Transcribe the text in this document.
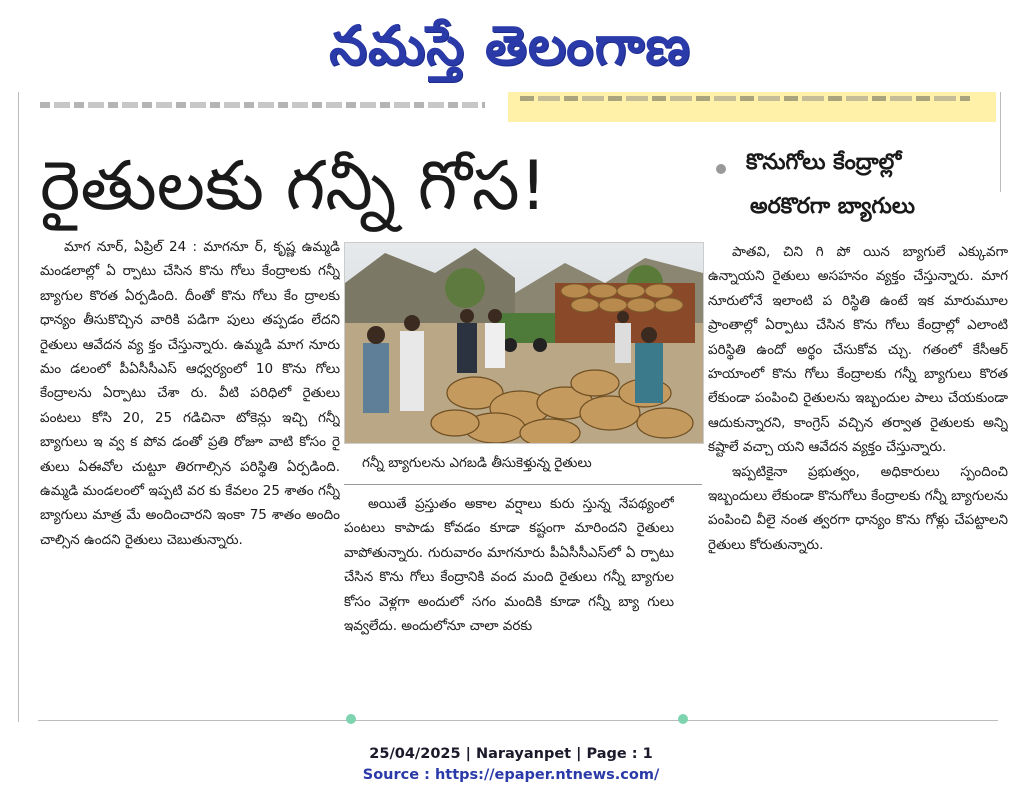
నమస్తే తెలంగాణ
రైతులకు గన్నీ గోస!	కొనుగోలు కేంద్రాల్లో
అరకొరగా బ్యాగులు

మాగ నూర్‌, ఏప్రిల్‌ 24 : మాగనూ ర్‌, కృష్ణ ఉమ్మడి మండలాల్లో ఏ ర్పాటు చేసిన కొను గోలు కేంద్రాలకు గన్నీ బ్యాగుల కొరత ఏర్పడింది. దీంతో కొను గోలు కేం ద్రాలకు ధాన్యం తీసుకొచ్చిన వారికి పడిగా పులు తప్పడం లేదని రైతులు ఆవేదన వ్య క్తం చేస్తున్నారు. ఉమ్మడి మాగ నూరు మం డలంలో పీఏసీసీఎస్‌ ఆధ్వర్యంలో 10 కొను గోలు కేంద్రాలను ఏర్పాటు చేశా రు. వీటి పరిధిలో రైతులు పంటలు కోసి 20, 25 గడిచినా టోకెన్లు ఇచ్చి గన్నీ బ్యాగులు ఇ వ్వ క పోవ డంతో ప్రతి రోజూ వాటి కోసం రై తులు ఏఈవోల చుట్టూ తిరగాల్సిన పరిస్థితి ఏర్పడింది. ఉమ్మడి మండలంలో ఇప్పటి వర కు కేవలం 25 శాతం గన్నీ బ్యాగులు మాత్ర మే అందించారని ఇంకా 75 శాతం అందిం చాల్సిన ఉందని రైతులు చెబుతున్నారు.

గన్నీ బ్యాగులను ఎగబడి తీసుకెళ్తున్న రైతులు

అయితే ప్రస్తుతం అకాల వర్షాలు కురు స్తున్న నేపథ్యంలో పంటలు కాపాడు కోవడం కూడా కష్టంగా మారిందని రైతులు వాపోతున్నారు. గురువారం మాగనూరు పీఏసీసీఎస్‌లో ఏ ర్పాటు చేసిన కొను గోలు కేంద్రానికి వంద మంది రైతులు గన్నీ బ్యాగుల కోసం వెళ్లగా అందులో సగం మందికి కూడా గన్నీ బ్యా గులు ఇవ్వలేదు. అందులోనూ చాలా వరకు

పాతవి, చిని గి పో యిన బ్యాగులే ఎక్కువగా ఉన్నాయని రైతులు అసహనం వ్యక్తం చేస్తున్నారు. మాగ నూరులోనే ఇలాంటి ప రిస్థితి ఉంటే ఇక మారుమూల ప్రాంతాల్లో ఏర్పాటు చేసిన కొను గోలు కేంద్రాల్లో ఎలాంటి పరిస్థితి ఉందో అర్థం చేసుకోవ చ్చు. గతంలో కేసీఆర్‌ హయాంలో కొను గోలు కేంద్రాలకు గన్నీ బ్యాగులు కొరత లేకుండా పంపించి రైతులను ఇబ్బందుల పాలు చేయకుండా ఆదుకున్నారని, కాంగ్రెస్‌ వచ్చిన తర్వాత రైతులకు అన్ని కష్టాలే వచ్చా యని ఆవేదన వ్యక్తం చేస్తున్నారు.

ఇప్పటికైనా ప్రభుత్వం, అధికారులు స్పందించి ఇబ్బందులు లేకుండా కొనుగోలు కేంద్రాలకు గన్నీ బ్యాగులను పంపించి వీలై నంత త్వరగా ధాన్యం కొను గోళ్లు చేపట్టాలని రైతులు కోరుతున్నారు.

25/04/2025 | Narayanpet | Page : 1
Source : https://epaper.ntnews.com/
